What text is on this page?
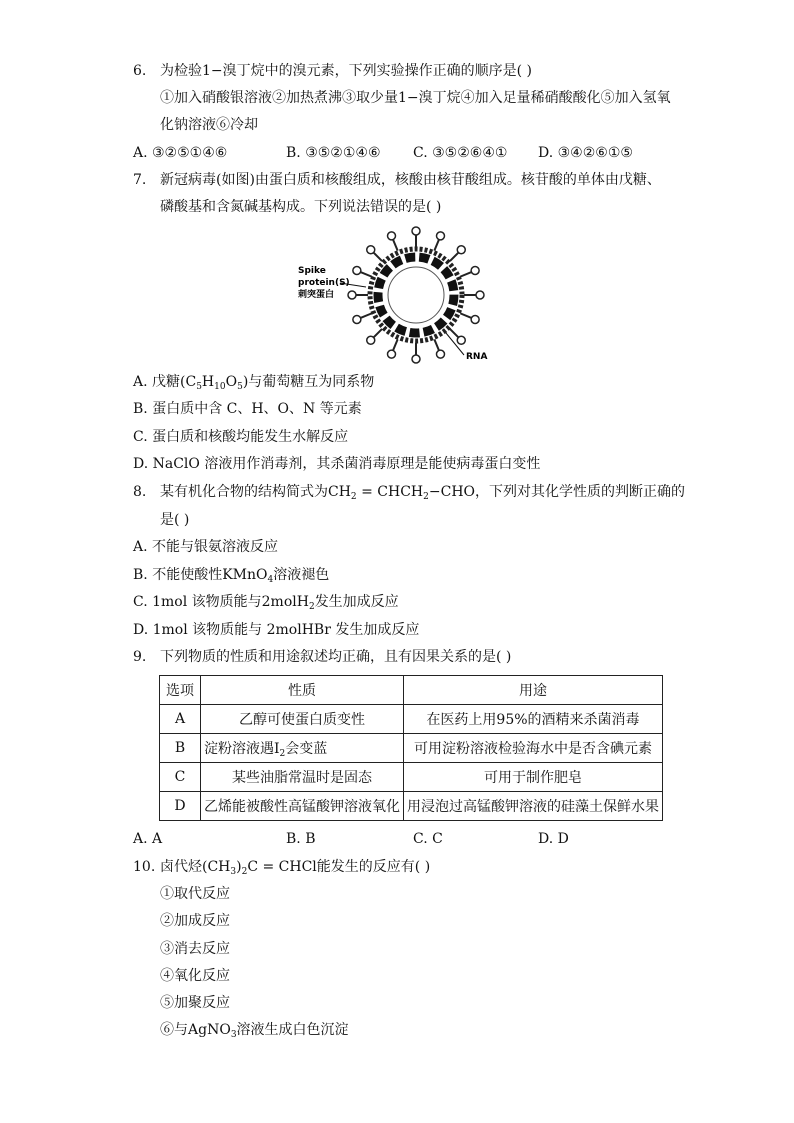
6. 为检验1−溴丁烷中的溴元素，下列实验操作正确的顺序是( )
①加入硝酸银溶液②加热煮沸③取少量1−溴丁烷④加入足量稀硝酸酸化⑤加入氢氧
化钠溶液⑥冷却
A. ③②⑤①④⑥	B. ③⑤②①④⑥ C. ③⑤②⑥④① D. ③④②⑥①⑤
7. 新冠病毒(如图)由蛋白质和核酸组成，核酸由核苷酸组成。核苷酸的单体由戊糖、
磷酸基和含氮碱基构成。下列说法错误的是( )
Spike
protein(S)
刺突蛋白
RNA
A. 戊糖$(C_5H_{10}O_5)$与葡萄糖互为同系物
B. 蛋白质中含 C、H、O、N 等元素
C. 蛋白质和核酸均能发生水解反应
D. NaClO 溶液用作消毒剂，其杀菌消毒原理是能使病毒蛋白变性
8. 某有机化合物的结构简式为$CH_2$ = $CHCH_2-CHO$，下列对其化学性质的判断正确的
是( )
A. 不能与银氨溶液反应
B. 不能使酸性KMnO$_4$溶液褪色
C. 1mol 该物质能与2molH$_2$发生加成反应
D. 1mol 该物质能与 2molHBr 发生加成反应
9. 下列物质的性质和用途叙述均正确，且有因果关系的是( )
选项	性质	用途
A	乙醇可使蛋白质变性	在医药上用95%的酒精来杀菌消毒
B	淀粉溶液遇$I_2$会变蓝	可用淀粉溶液检验海水中是否含碘元素
C	某些油脂常温时是固态	可用于制作肥皂
D	乙烯能被酸性高锰酸钾溶液氧化	用浸泡过高锰酸钾溶液的硅藻土保鲜水果
A. A	B. B	C. C	D. D
10. 卤代烃$(CH_3)_2C$ = CHCl能发生的反应有( )
①取代反应
②加成反应
③消去反应
④氧化反应
⑤加聚反应
⑥与AgNO$_3$溶液生成白色沉淀
